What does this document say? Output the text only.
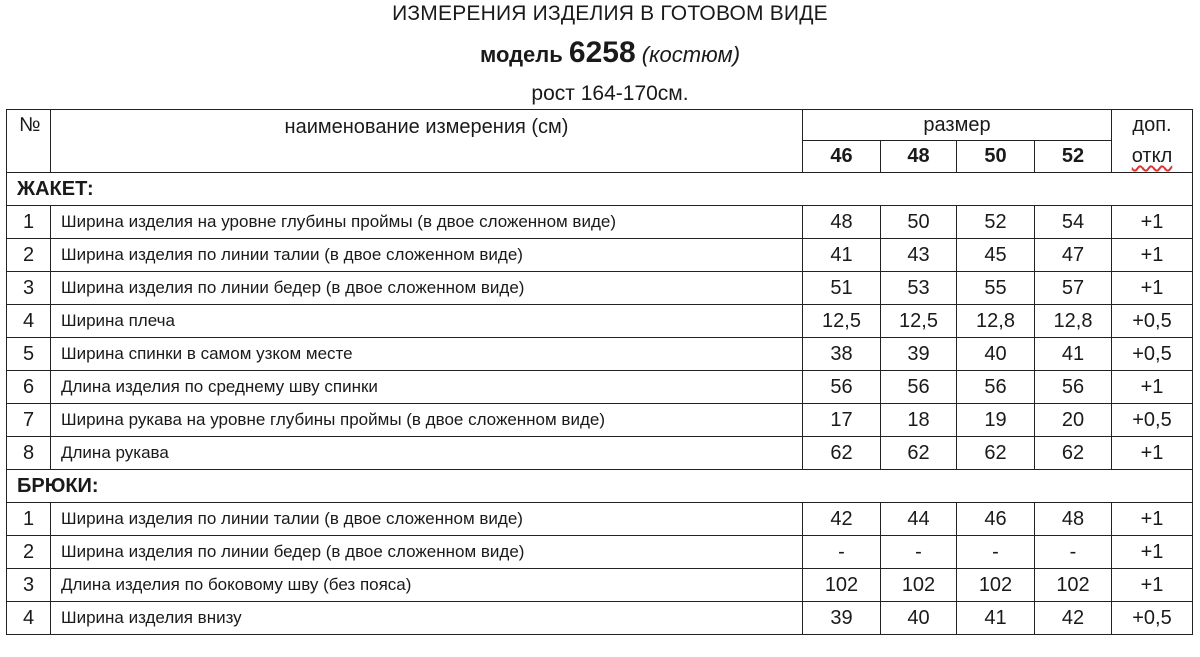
ИЗМЕРЕНИЯ ИЗДЕЛИЯ В ГОТОВОМ ВИДЕ
модель 6258 (костюм)
рост 164-170см.
№	наименование измерения (см)	размер				доп.
		46	48	50	52	откл
ЖАКЕТ:						
1	Ширина изделия на уровне глубины проймы (в двое сложенном виде)	48	50	52	54	+1
2	Ширина изделия по линии талии (в двое сложенном виде)	41	43	45	47	+1
3	Ширина изделия по линии бедер (в двое сложенном виде)	51	53	55	57	+1
4	Ширина плеча	12,5	12,5	12,8	12,8	+0,5
5	Ширина спинки в самом узком месте	38	39	40	41	+0,5
6	Длина изделия по среднему шву спинки	56	56	56	56	+1
7	Ширина рукава на уровне глубины проймы (в двое сложенном виде)	17	18	19	20	+0,5
8	Длина рукава	62	62	62	62	+1
БРЮКИ:						
1	Ширина изделия по линии талии (в двое сложенном виде)	42	44	46	48	+1
2	Ширина изделия по линии бедер (в двое сложенном виде)	-	-	-	-	+1
3	Длина изделия по боковому шву (без пояса)	102	102	102	102	+1
4	Ширина изделия внизу	39	40	41	42	+0,5
